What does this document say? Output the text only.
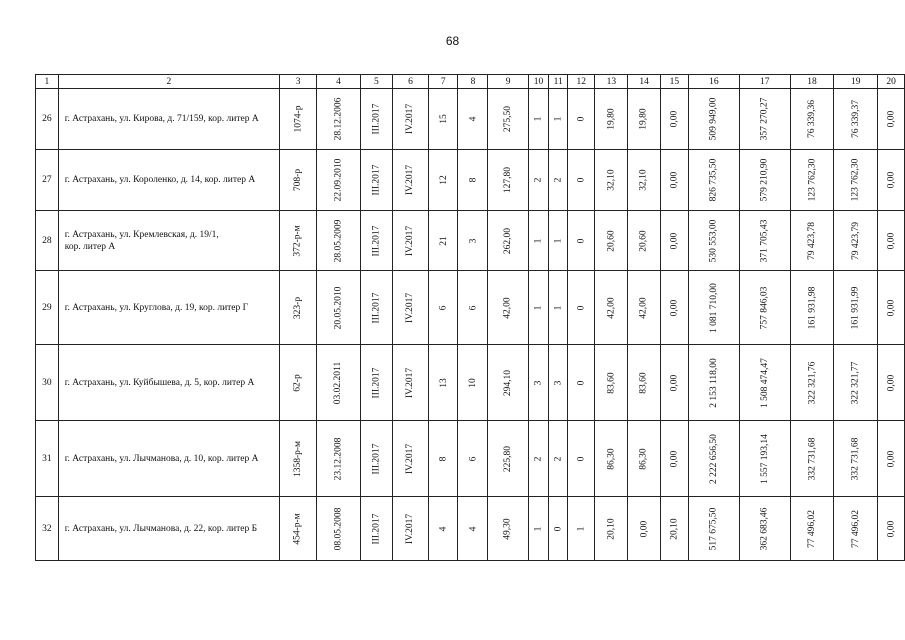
68
1	2	3	4	5	6	7	8	9	10	11	12	13	14	15	16	17	18	19	20
26	г. Астрахань, ул. Кирова, д. 71/159, кор. литер А	1074-р	28.12.2006	III.2017	IV.2017	15	4	275,50	1	1	0	19,80	19,80	0,00	509 949,00	357 270,27	76 339,36	76 339,37	0,00
27	г. Астрахань, ул. Короленко, д. 14, кор. литер А	708-р	22.09.2010	III.2017	IV.2017	12	8	127,80	2	2	0	32,10	32,10	0,00	826 735,50	579 210,90	123 762,30	123 762,30	0,00
28	г. Астрахань, ул. Кремлевская, д. 19/1,
кор. литер А	372-р-м	28.05.2009	III.2017	IV.2017	21	3	262,00	1	1	0	20,60	20,60	0,00	530 553,00	371 705,43	79 423,78	79 423,79	0,00
29	г. Астрахань, ул. Круглова, д. 19, кор. литер Г	323-р	20.05.2010	III.2017	IV.2017	6	6	42,00	1	1	0	42,00	42,00	0,00	1 081 710,00	757 846,03	161 931,98	161 931,99	0,00
30	г. Астрахань, ул. Куйбышева, д. 5, кор. литер А	62-р	03.02.2011	III.2017	IV.2017	13	10	294,10	3	3	0	83,60	83,60	0,00	2 153 118,00	1 508 474,47	322 321,76	322 321,77	0,00
31	г. Астрахань, ул. Лычманова, д. 10, кор. литер А	1358-р-м	23.12.2008	III.2017	IV.2017	8	6	225,80	2	2	0	86,30	86,30	0,00	2 222 656,50	1 557 193,14	332 731,68	332 731,68	0,00
32	г. Астрахань, ул. Лычманова, д. 22, кор. литер Б	454-р-м	08.05.2008	III.2017	IV.2017	4	4	49,30	1	0	1	20,10	0,00	20,10	517 675,50	362 683,46	77 496,02	77 496,02	0,00
